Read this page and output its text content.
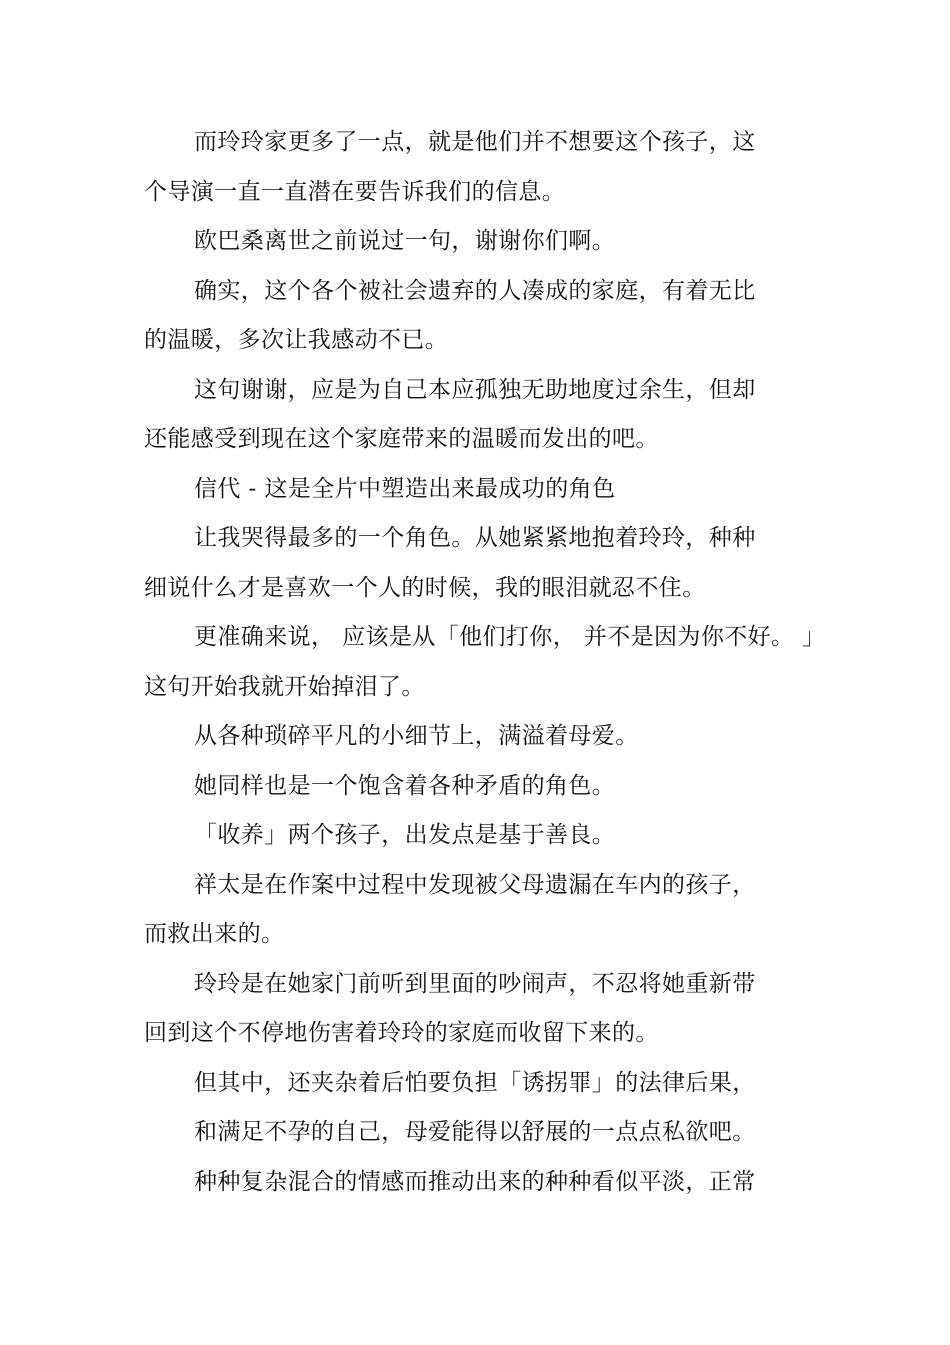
而玲玲家更多了一点，就是他们并不想要这个孩子，这
个导演一直一直潜在要告诉我们的信息。
欧巴桑离世之前说过一句，谢谢你们啊。
确实，这个各个被社会遗弃的人凑成的家庭，有着无比
的温暖，多次让我感动不已。
这句谢谢，应是为自己本应孤独无助地度过余生，但却
还能感受到现在这个家庭带来的温暖而发出的吧。
信代 - 这是全片中塑造出来最成功的角色
让我哭得最多的一个角色。从她紧紧地抱着玲玲，种种
细说什么才是喜欢一个人的时候，我的眼泪就忍不住。
更准确来说， 应该是从「他们打你， 并不是因为你不好。 」
这句开始我就开始掉泪了。
从各种琐碎平凡的小细节上，满溢着母爱。
她同样也是一个饱含着各种矛盾的角色。
「收养」两个孩子，出发点是基于善良。
祥太是在作案中过程中发现被父母遗漏在车内的孩子，
而救出来的。
玲玲是在她家门前听到里面的吵闹声，不忍将她重新带
回到这个不停地伤害着玲玲的家庭而收留下来的。
但其中，还夹杂着后怕要负担「诱拐罪」的法律后果，
和满足不孕的自己，母爱能得以舒展的一点点私欲吧。
种种复杂混合的情感而推动出来的种种看似平淡，正常
